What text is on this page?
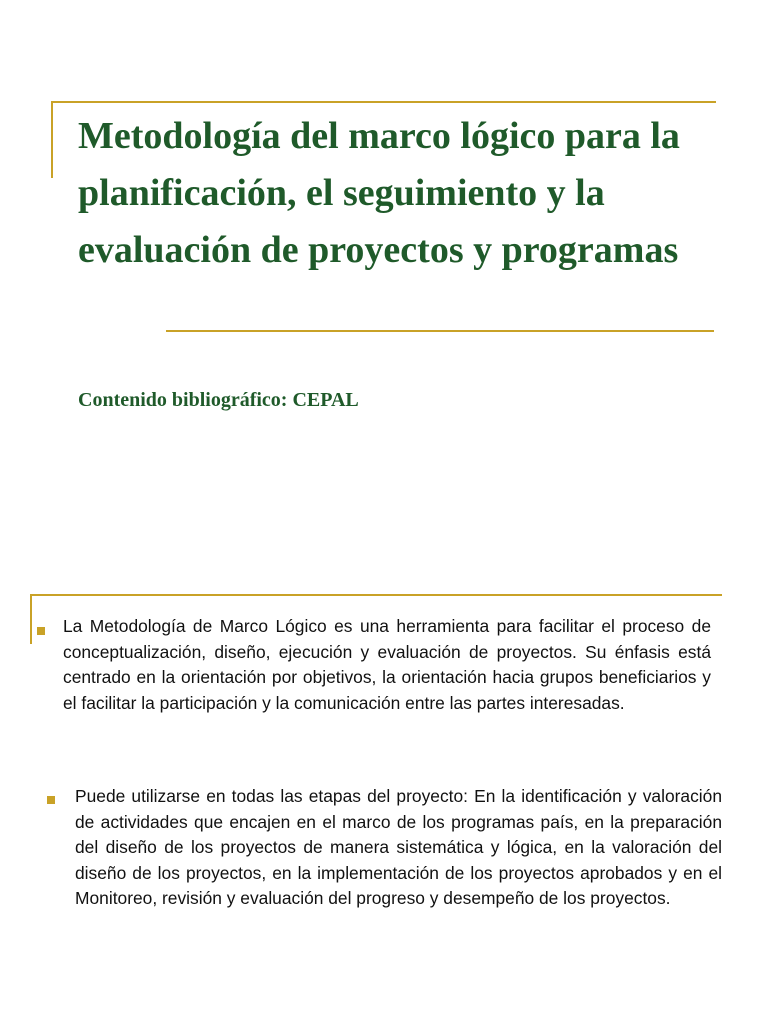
Metodología del marco lógico para la planificación, el seguimiento y la evaluación de proyectos y programas

Contenido bibliográfico: CEPAL

La Metodología de Marco Lógico es una herramienta para facilitar el proceso de conceptualización, diseño, ejecución y evaluación de proyectos. Su énfasis está centrado en la orientación por objetivos, la orientación hacia grupos beneficiarios y el facilitar la participación y la comunicación entre las partes interesadas.

Puede utilizarse en todas las etapas del proyecto: En la identificación y valoración de actividades que encajen en el marco de los programas país, en la preparación del diseño de los proyectos de manera sistemática y lógica, en la valoración del diseño de los proyectos, en la implementación de los proyectos aprobados y en el Monitoreo, revisión y evaluación del progreso y desempeño de los proyectos.
